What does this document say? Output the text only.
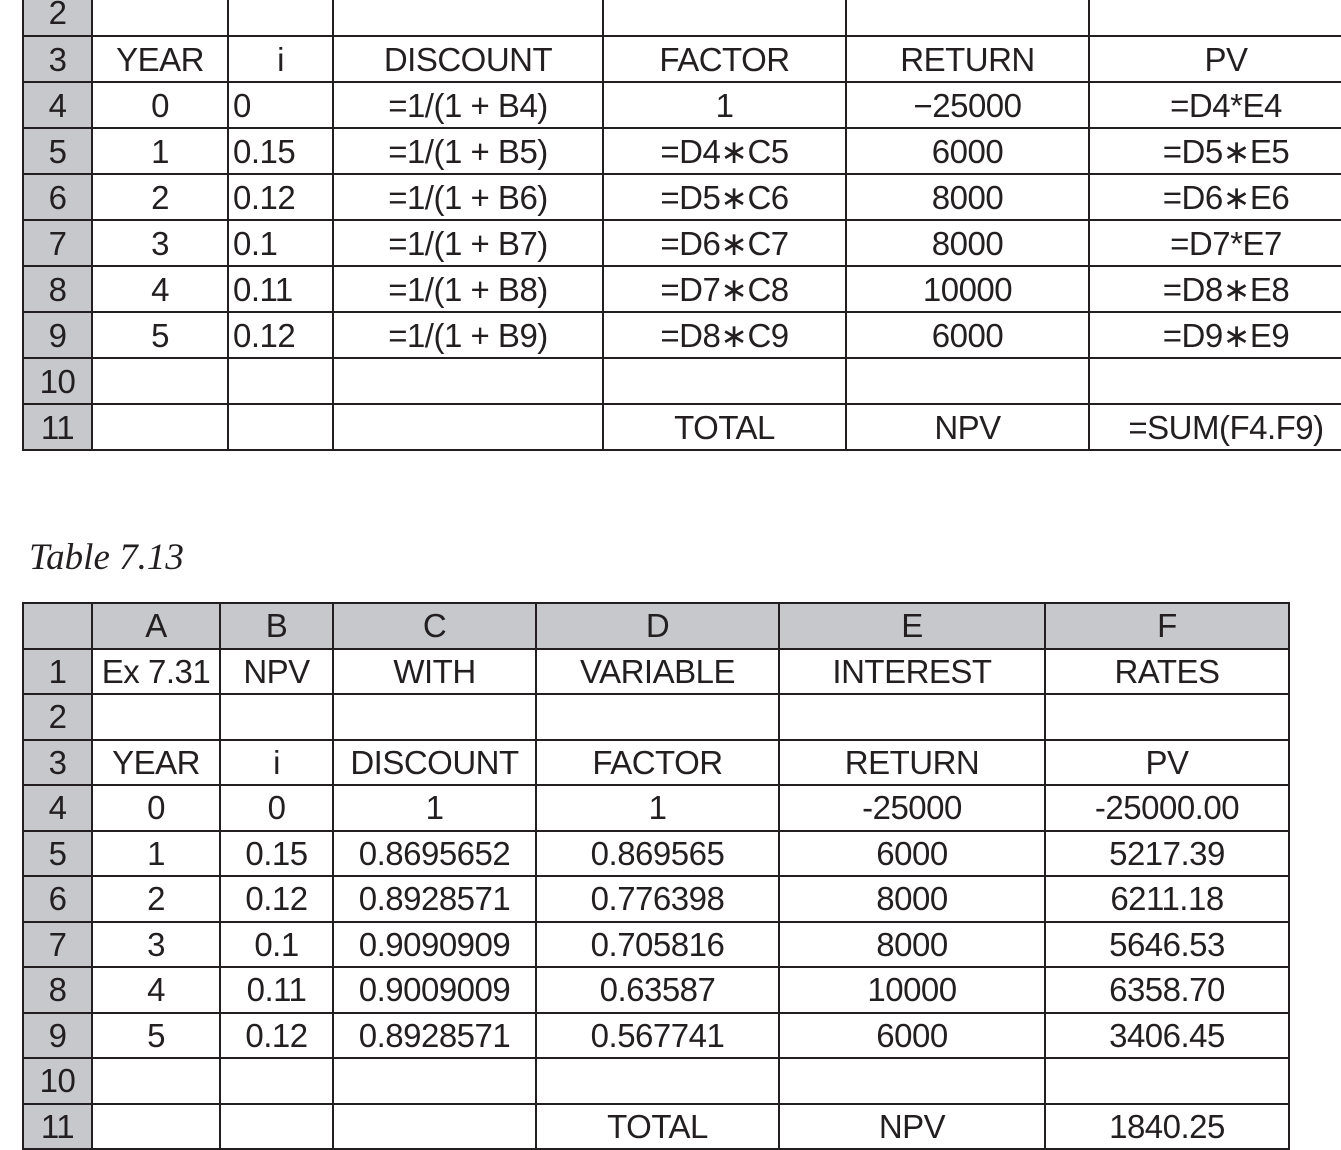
2						
3	YEAR	i	DISCOUNT	FACTOR	RETURN	PV
4	0	0	=1/(1 + B4)	1	−25000	=D4*E4
5	1	0.15	=1/(1 + B5)	=D4∗C5	6000	=D5∗E5
6	2	0.12	=1/(1 + B6)	=D5∗C6	8000	=D6∗E6
7	3	0.1	=1/(1 + B7)	=D6∗C7	8000	=D7*E7
8	4	0.11	=1/(1 + B8)	=D7∗C8	10000	=D8∗E8
9	5	0.12	=1/(1 + B9)	=D8∗C9	6000	=D9∗E9
10						
11				TOTAL	NPV	=SUM(F4.F9)
Table 7.13
	A	B	C	D	E	F
1	Ex 7.31	NPV	WITH	VARIABLE	INTEREST	RATES
2						
3	YEAR	i	DISCOUNT	FACTOR	RETURN	PV
4	0	0	1	1	-25000	-25000.00
5	1	0.15	0.8695652	0.869565	6000	5217.39
6	2	0.12	0.8928571	0.776398	8000	6211.18
7	3	0.1	0.9090909	0.705816	8000	5646.53
8	4	0.11	0.9009009	0.63587	10000	6358.70
9	5	0.12	0.8928571	0.567741	6000	3406.45
10						
11				TOTAL	NPV	1840.25
